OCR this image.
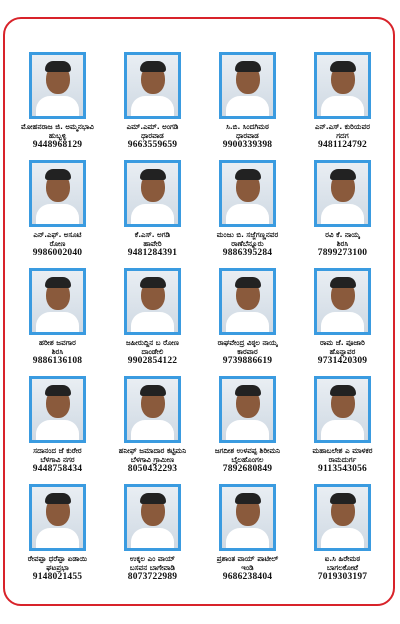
ಮೋಹನರಾಜ ಜಿ. ಅಮ್ಮನಭಾವಿ
ಹುಬ್ಬಳ್ಳಿ
9448968129
ಎಮ್.ಎಮ್. ಅಂಗಡಿ
ಧಾರವಾಡ
9663559659
ಸಿ.ಬಿ. ಸಿಂದಗಿಮಠ
ಧಾರವಾಡ
9900339398
ಎನ್.ಎಸ್. ಕುರಿಯವರ
ಗದಗ
9481124792
ಎನ್.ಎಫ್. ಅಸೂಟಿ
ರೋಣ
9986002040
ಕೆ.ಎಸ್. ಅಗಡಿ
ಹಾವೇರಿ
9481284391
ಮಂಜು ಬಿ. ಸಜ್ಜೆಗಣ್ಣನವರ
ರಾಣೆಬೆನ್ನೂರು
9886395284
ರವಿ ಕೆ. ನಾಯ್ಕ
ಶಿರಸಿ
7899273100
ಹರೀಶ ಜವಗಾರ
ಶಿರಸಿ
9886136108
ಜಹೀರುದ್ದಿನ ಬ ರೋಣ
ದಾಂಡೇಲಿ
9902854122
ರಾಘವೇಂದ್ರ ವಿಠ್ಠಲ ನಾಯ್ಕ
ಕಾರವಾರ
9739886619
ರಾಮ ಜೆ. ಪೂಜಾರಿ
ಹೊನ್ನಾವರ
9731420309
ಸದಾನಂದ ಜೆ ಕುರೇರ
ಬೆಳಗಾವಿ ನಗರ
9448758434
ಹನೀಫ್ ಜಮಾದಾರ ಕಟ್ಟಿಮನಿ
ಬೆಳಗಾವಿ ಗ್ರಾಮೀಣ
8050432293
ಜಗದೀಶ ಉಳವಪ್ಪ ಶಿರೀಮನಿ
ಬೈಲಹೊಂಗಲ
7892680849
ಮಹಾಬಲೇಶ ಎ ಮಾಳಕರ
ರಾಮದುರ್ಗ
9113543056
ರೇವಪ್ಪಾ ಧರೆಪ್ಪಾ ಏಡಾಯಿ
ಘಟಪ್ರಭಾ
9148021455
ಉಕ್ಕಲ ಎಂ ವಾಯ್
ಬಸವನ ಬಾಗೇವಾಡಿ
8073722989
ಪ್ರಶಾಂತ ವಾಯ್ ಪಾಟೀಲ್
ಇಂಡಿ
9686238404
ಐ.ಸಿ ಹಿರೇಮಠ
ಬಾಗಲಕೋಟೆ
7019303197
